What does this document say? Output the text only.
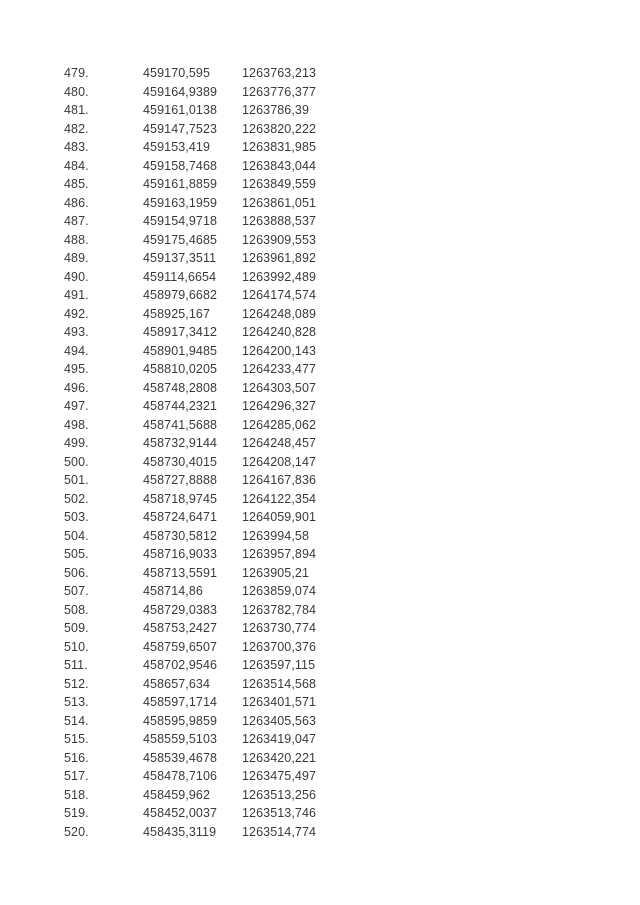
479.	459170,595	1263763,213
480.	459164,9389	1263776,377
481.	459161,0138	1263786,39
482.	459147,7523	1263820,222
483.	459153,419	1263831,985
484.	459158,7468	1263843,044
485.	459161,8859	1263849,559
486.	459163,1959	1263861,051
487.	459154,9718	1263888,537
488.	459175,4685	1263909,553
489.	459137,3511	1263961,892
490.	459114,6654	1263992,489
491.	458979,6682	1264174,574
492.	458925,167	1264248,089
493.	458917,3412	1264240,828
494.	458901,9485	1264200,143
495.	458810,0205	1264233,477
496.	458748,2808	1264303,507
497.	458744,2321	1264296,327
498.	458741,5688	1264285,062
499.	458732,9144	1264248,457
500.	458730,4015	1264208,147
501.	458727,8888	1264167,836
502.	458718,9745	1264122,354
503.	458724,6471	1264059,901
504.	458730,5812	1263994,58
505.	458716,9033	1263957,894
506.	458713,5591	1263905,21
507.	458714,86	1263859,074
508.	458729,0383	1263782,784
509.	458753,2427	1263730,774
510.	458759,6507	1263700,376
511.	458702,9546	1263597,115
512.	458657,634	1263514,568
513.	458597,1714	1263401,571
514.	458595,9859	1263405,563
515.	458559,5103	1263419,047
516.	458539,4678	1263420,221
517.	458478,7106	1263475,497
518.	458459,962	1263513,256
519.	458452,0037	1263513,746
520.	458435,3119	1263514,774
